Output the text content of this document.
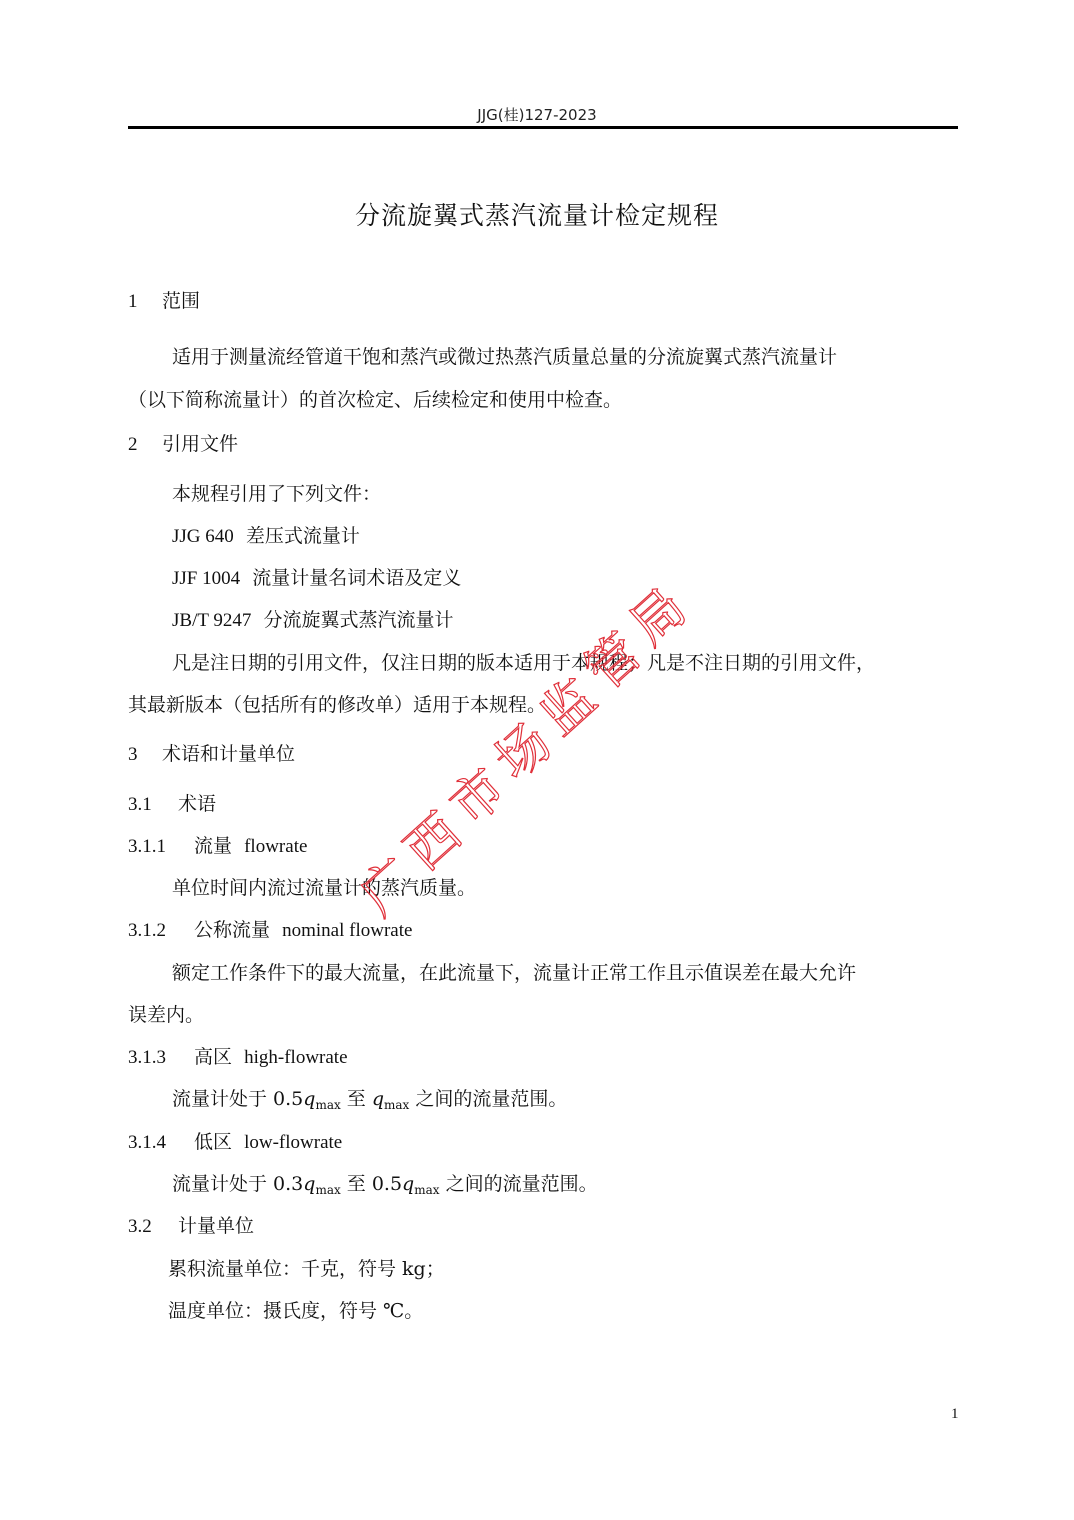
JJG(桂)127-2023
分流旋翼式蒸汽流量计检定规程
1 范围
适用于测量流经管道干饱和蒸汽或微过热蒸汽质量总量的分流旋翼式蒸汽流量计
（以下简称流量计）的首次检定、后续检定和使用中检查。
2 引用文件
本规程引用了下列文件：
JJG 640 差压式流量计
JJF 1004 流量计量名词术语及定义
JB/T 9247 分流旋翼式蒸汽流量计
凡是注日期的引用文件，仅注日期的版本适用于本规程；凡是不注日期的引用文件，
其最新版本（包括所有的修改单）适用于本规程。
3 术语和计量单位
3.1 术语
3.1.1 流量 flowrate
单位时间内流过流量计的蒸汽质量。
3.1.2 公称流量 nominal flowrate
额定工作条件下的最大流量，在此流量下，流量计正常工作且示值误差在最大允许
误差内。
3.1.3 高区 high-flowrate
流量计处于 $0.5q_{max}$ 至 $q_{max}$ 之间的流量范围。
3.1.4 低区 low-flowrate
流量计处于 $0.3q_{max}$ 至 $0.5q_{max}$ 之间的流量范围。
3.2 计量单位
累积流量单位：千克，符号 kg；
温度单位：摄氏度，符号 ℃。
1
广
西
市
场
监
管
局
